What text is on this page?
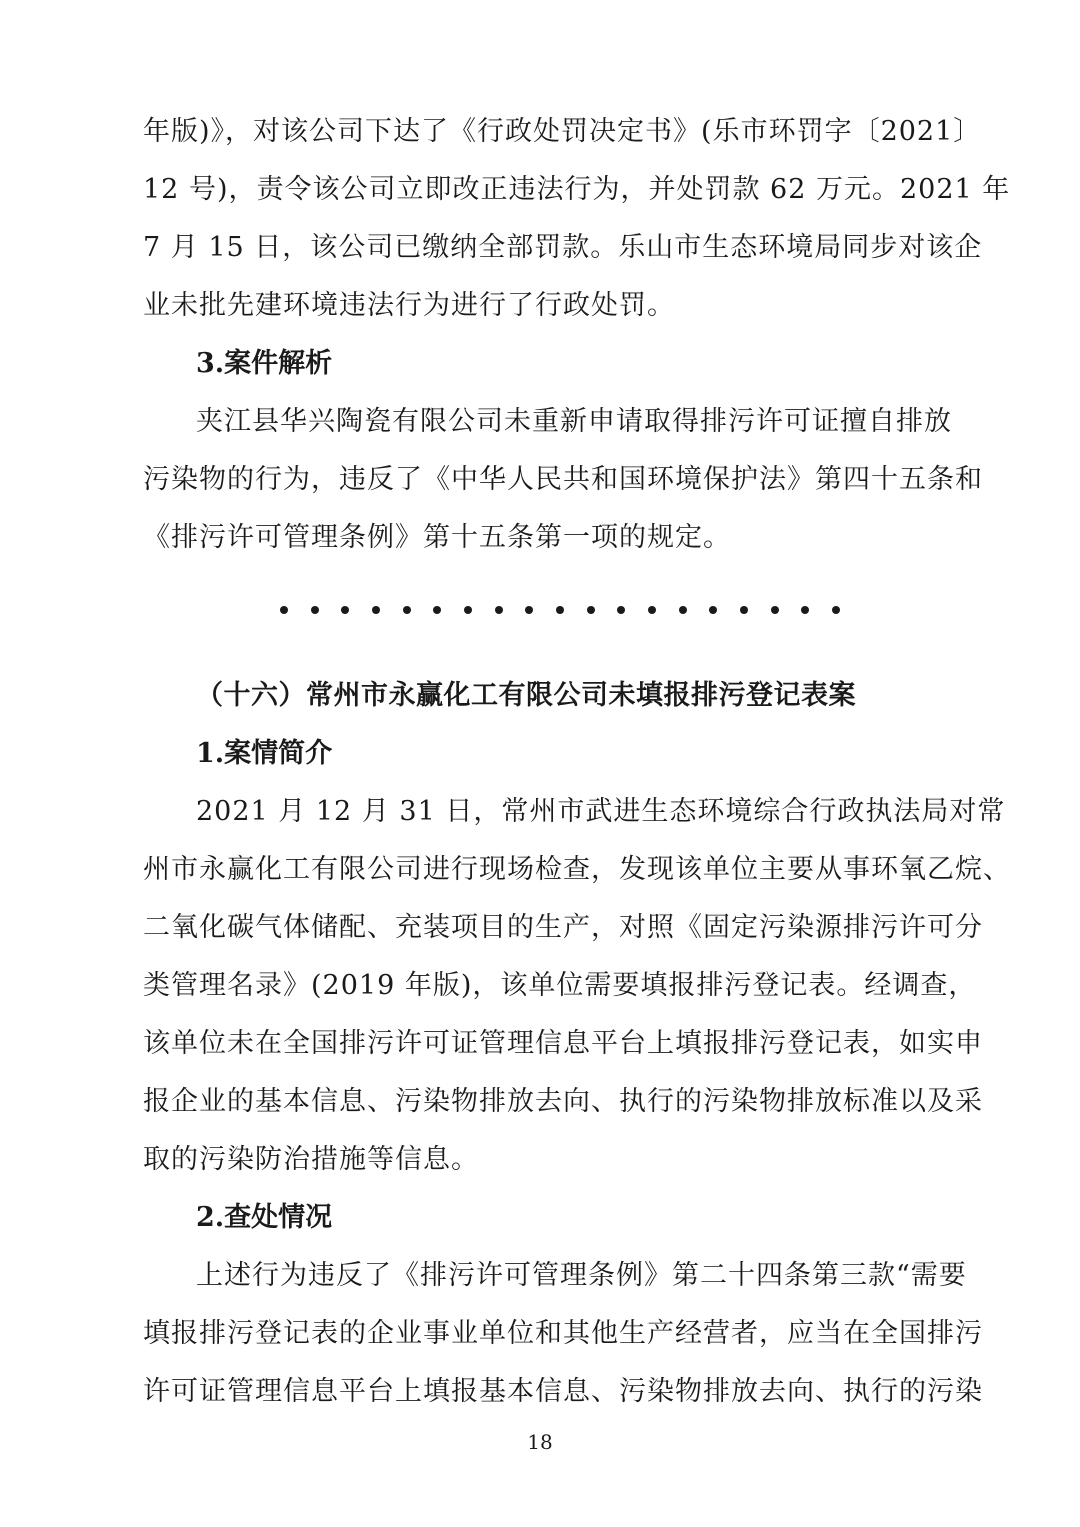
年版)》，对该公司下达了《行政处罚决定书》(乐市环罚字〔2021〕
12 号)，责令该公司立即改正违法行为，并处罚款 62 万元。2021 年
7 月 15 日，该公司已缴纳全部罚款。乐山市生态环境局同步对该企
业未批先建环境违法行为进行了行政处罚。
3.案件解析
夹江县华兴陶瓷有限公司未重新申请取得排污许可证擅自排放
污染物的行为，违反了《中华人民共和国环境保护法》第四十五条和
《排污许可管理条例》第十五条第一项的规定。
（十六）常州市永赢化工有限公司未填报排污登记表案
1.案情简介
2021 月 12 月 31 日，常州市武进生态环境综合行政执法局对常
州市永赢化工有限公司进行现场检查，发现该单位主要从事环氧乙烷、
二氧化碳气体储配、充装项目的生产，对照《固定污染源排污许可分
类管理名录》(2019 年版)，该单位需要填报排污登记表。经调查，
该单位未在全国排污许可证管理信息平台上填报排污登记表，如实申
报企业的基本信息、污染物排放去向、执行的污染物排放标准以及采
取的污染防治措施等信息。
2.查处情况
上述行为违反了《排污许可管理条例》第二十四条第三款“需要
填报排污登记表的企业事业单位和其他生产经营者，应当在全国排污
许可证管理信息平台上填报基本信息、污染物排放去向、执行的污染
18
